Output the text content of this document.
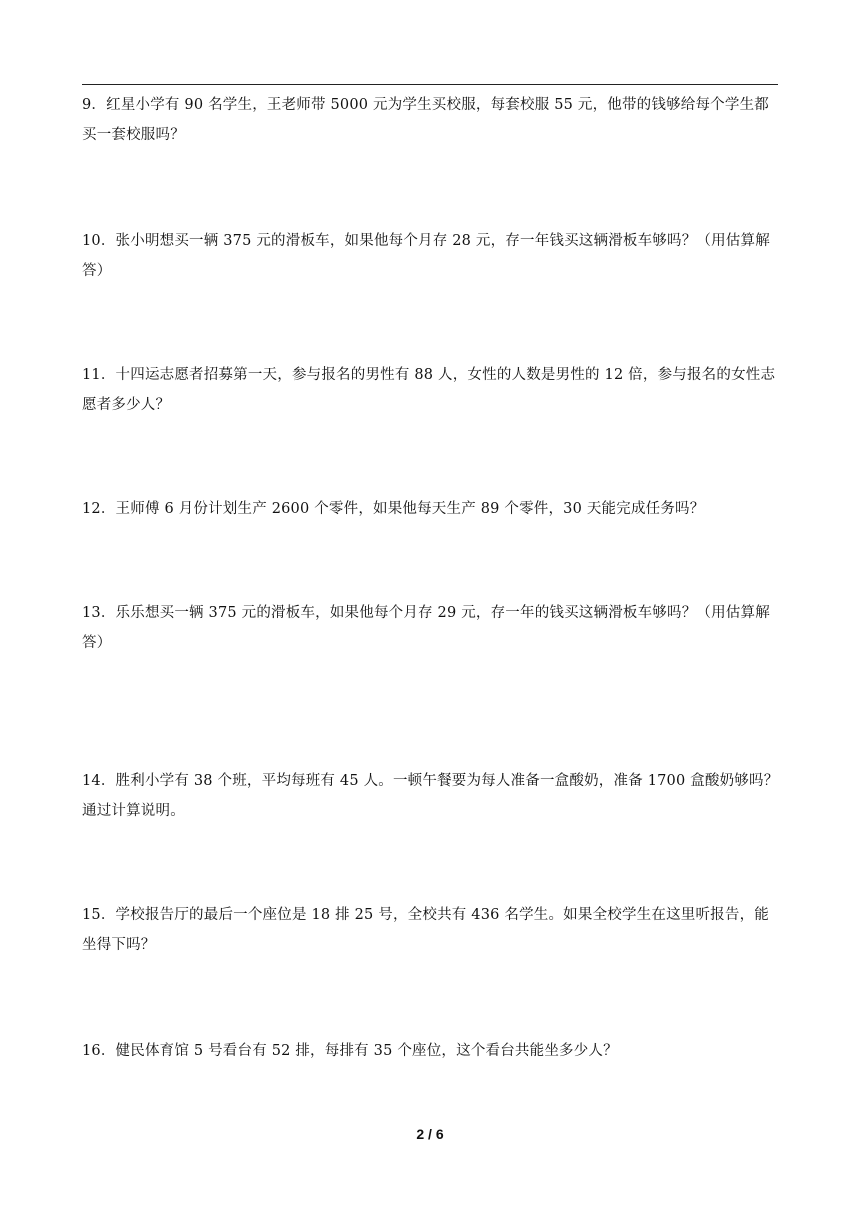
9．红星小学有 90 名学生，王老师带 5000 元为学生买校服，每套校服 55 元，他带的钱够给每个学生都买一套校服吗？
10．张小明想买一辆 375 元的滑板车，如果他每个月存 28 元，存一年钱买这辆滑板车够吗？（用估算解答）
11．十四运志愿者招募第一天，参与报名的男性有 88 人，女性的人数是男性的 12 倍，参与报名的女性志愿者多少人？
12．王师傅 6 月份计划生产 2600 个零件，如果他每天生产 89 个零件，30 天能完成任务吗？
13．乐乐想买一辆 375 元的滑板车，如果他每个月存 29 元，存一年的钱买这辆滑板车够吗？（用估算解答）
14．胜利小学有 38 个班，平均每班有 45 人。一顿午餐要为每人准备一盒酸奶，准备 1700 盒酸奶够吗？通过计算说明。
15．学校报告厅的最后一个座位是 18 排 25 号，全校共有 436 名学生。如果全校学生在这里听报告，能坐得下吗？
16．健民体育馆 5 号看台有 52 排，每排有 35 个座位，这个看台共能坐多少人？
2 / 6
